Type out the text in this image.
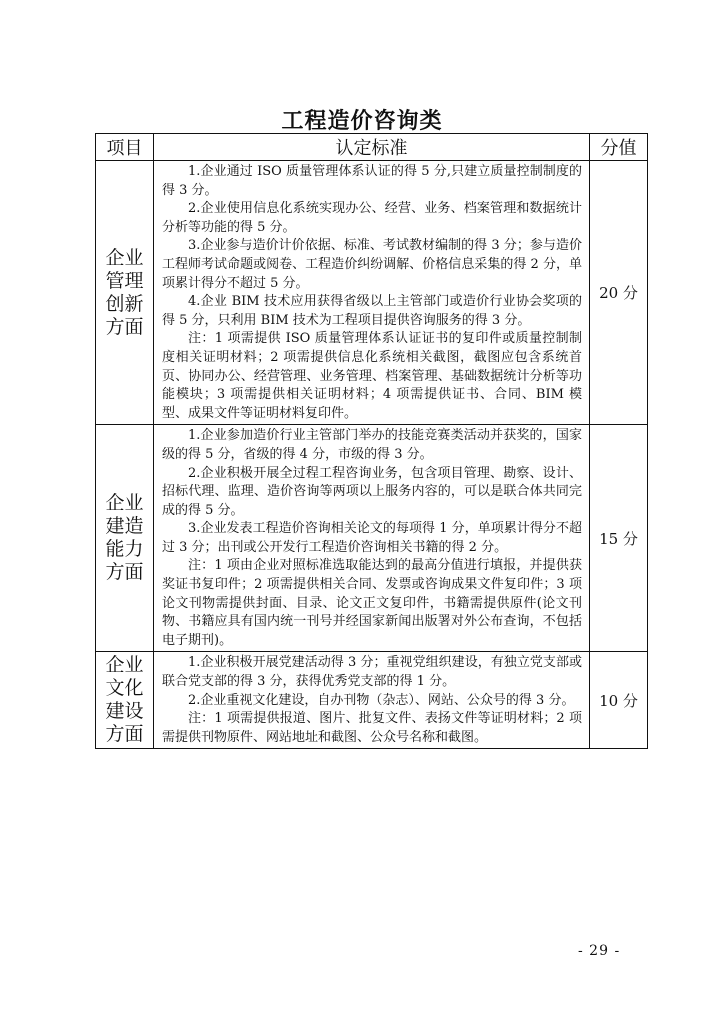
工程造价咨询类
项目	认定标准	分值
企业管理创新方面	1.企业通过 ISO 质量管理体系认证的得 5 分,只建立质量控制制度的得 3 分。

2.企业使用信息化系统实现办公、经营、业务、档案管理和数据统计分析等功能的得 5 分。

3.企业参与造价计价依据、标准、考试教材编制的得 3 分；参与造价工程师考试命题或阅卷、工程造价纠纷调解、价格信息采集的得 2 分，单项累计得分不超过 5 分。

4.企业 BIM 技术应用获得省级以上主管部门或造价行业协会奖项的得 5 分，只利用 BIM 技术为工程项目提供咨询服务的得 3 分。

注：1 项需提供 ISO 质量管理体系认证证书的复印件或质量控制制度相关证明材料；2 项需提供信息化系统相关截图，截图应包含系统首页、协同办公、经营管理、业务管理、档案管理、基础数据统计分析等功能模块；3 项需提供相关证明材料；4 项需提供证书、合同、BIM 模型、成果文件等证明材料复印件。	20 分
企业建造能力方面	1.企业参加造价行业主管部门举办的技能竞赛类活动并获奖的，国家级的得 5 分，省级的得 4 分，市级的得 3 分。

2.企业积极开展全过程工程咨询业务，包含项目管理、勘察、设计、招标代理、监理、造价咨询等两项以上服务内容的，可以是联合体共同完成的得 5 分。

3.企业发表工程造价咨询相关论文的每项得 1 分，单项累计得分不超过 3 分；出刊或公开发行工程造价咨询相关书籍的得 2 分。

注：1 项由企业对照标准选取能达到的最高分值进行填报，并提供获奖证书复印件；2 项需提供相关合同、发票或咨询成果文件复印件；3 项论文刊物需提供封面、目录、论文正文复印件，书籍需提供原件(论文刊物、书籍应具有国内统一刊号并经国家新闻出版署对外公布查询，不包括电子期刊)。	15 分
企业文化建设方面	1.企业积极开展党建活动得 3 分；重视党组织建设，有独立党支部或联合党支部的得 3 分，获得优秀党支部的得 1 分。

2.企业重视文化建设，自办刊物（杂志）、网站、公众号的得 3 分。

注：1 项需提供报道、图片、批复文件、表扬文件等证明材料；2 项需提供刊物原件、网站地址和截图、公众号名称和截图。	10 分
- 29 -
